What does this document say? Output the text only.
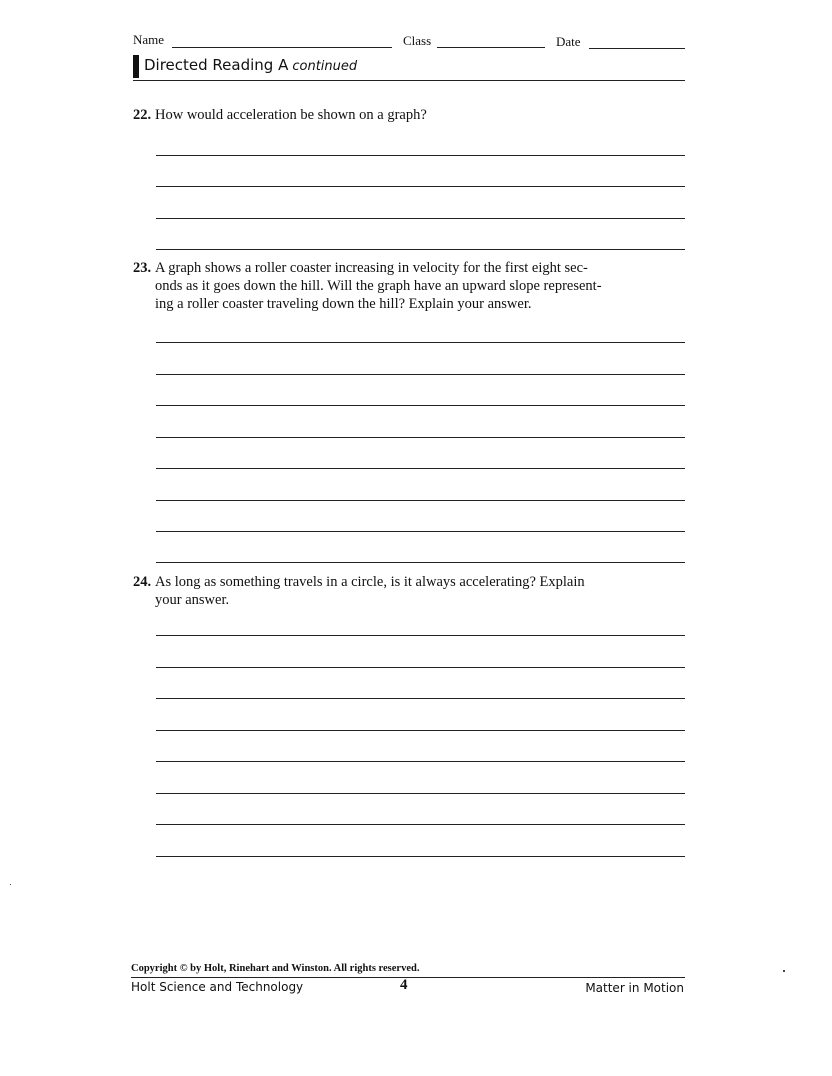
Name	Class	Date
Directed Reading A continued
22. How would acceleration be shown on a graph?
23. A graph shows a roller coaster increasing in velocity for the first eight sec-
onds as it goes down the hill. Will the graph have an upward slope represent-
ing a roller coaster traveling down the hill? Explain your answer.
24. As long as something travels in a circle, is it always accelerating? Explain
your answer.
Copyright © by Holt, Rinehart and Winston. All rights reserved.
Holt Science and Technology	4	Matter in Motion
